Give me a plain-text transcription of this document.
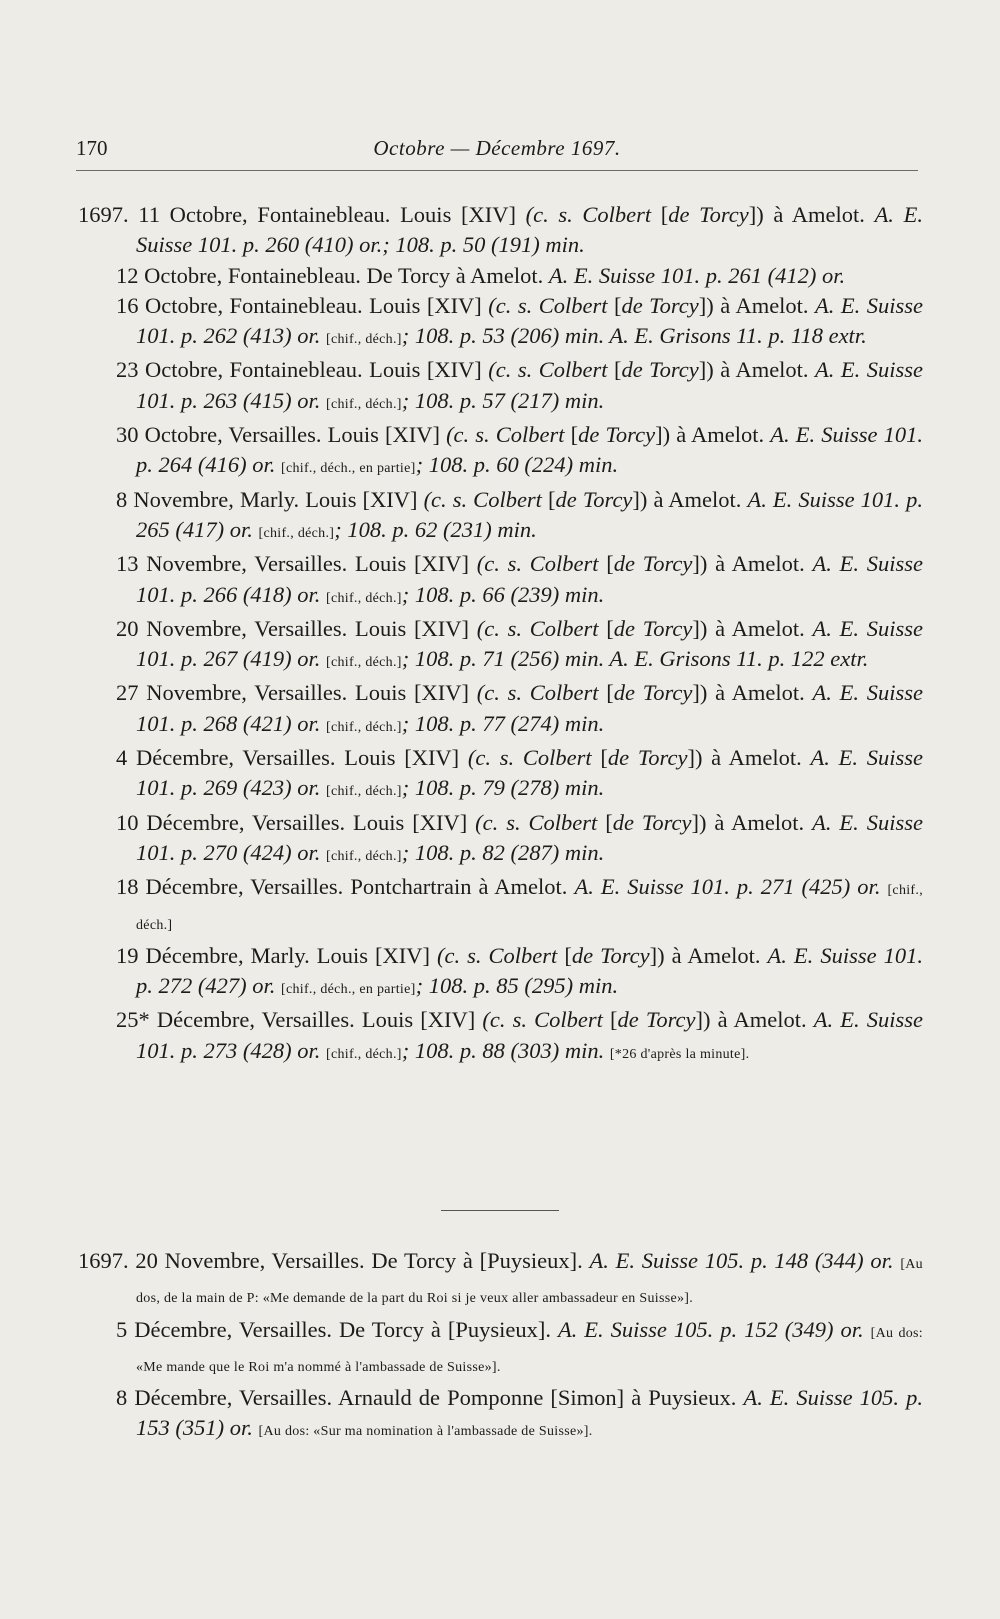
170	Octobre — Décembre 1697.
1697. 11 Octobre, Fontainebleau. Louis [XIV] (c. s. Colbert [de Torcy]) à Amelot. A. E. Suisse 101. p. 260 (410) or.; 108. p. 50 (191) min.
12 Octobre, Fontainebleau. De Torcy à Amelot. A. E. Suisse 101. p. 261 (412) or.
16 Octobre, Fontainebleau. Louis [XIV] (c. s. Colbert [de Torcy]) à Amelot. A. E. Suisse 101. p. 262 (413) or. [chif., déch.]; 108. p. 53 (206) min. A. E. Grisons 11. p. 118 extr.
23 Octobre, Fontainebleau. Louis [XIV] (c. s. Colbert [de Torcy]) à Amelot. A. E. Suisse 101. p. 263 (415) or. [chif., déch.]; 108. p. 57 (217) min.
30 Octobre, Versailles. Louis [XIV] (c. s. Colbert [de Torcy]) à Amelot. A. E. Suisse 101. p. 264 (416) or. [chif., déch., en partie]; 108. p. 60 (224) min.
8 Novembre, Marly. Louis [XIV] (c. s. Colbert [de Torcy]) à Amelot. A. E. Suisse 101. p. 265 (417) or. [chif., déch.]; 108. p. 62 (231) min.
13 Novembre, Versailles. Louis [XIV] (c. s. Colbert [de Torcy]) à Amelot. A. E. Suisse 101. p. 266 (418) or. [chif., déch.]; 108. p. 66 (239) min.
20 Novembre, Versailles. Louis [XIV] (c. s. Colbert [de Torcy]) à Amelot. A. E. Suisse 101. p. 267 (419) or. [chif., déch.]; 108. p. 71 (256) min. A. E. Grisons 11. p. 122 extr.
27 Novembre, Versailles. Louis [XIV] (c. s. Colbert [de Torcy]) à Amelot. A. E. Suisse 101. p. 268 (421) or. [chif., déch.]; 108. p. 77 (274) min.
4 Décembre, Versailles. Louis [XIV] (c. s. Colbert [de Torcy]) à Amelot. A. E. Suisse 101. p. 269 (423) or. [chif., déch.]; 108. p. 79 (278) min.
10 Décembre, Versailles. Louis [XIV] (c. s. Colbert [de Torcy]) à Amelot. A. E. Suisse 101. p. 270 (424) or. [chif., déch.]; 108. p. 82 (287) min.
18 Décembre, Versailles. Pontchartrain à Amelot. A. E. Suisse 101. p. 271 (425) or. [chif., déch.]
19 Décembre, Marly. Louis [XIV] (c. s. Colbert [de Torcy]) à Amelot. A. E. Suisse 101. p. 272 (427) or. [chif., déch., en partie]; 108. p. 85 (295) min.
25* Décembre, Versailles. Louis [XIV] (c. s. Colbert [de Torcy]) à Amelot. A. E. Suisse 101. p. 273 (428) or. [chif., déch.]; 108. p. 88 (303) min. [*26 d'après la minute].
1697. 20 Novembre, Versailles. De Torcy à [Puysieux]. A. E. Suisse 105. p. 148 (344) or. [Au dos, de la main de P: «Me demande de la part du Roi si je veux aller ambassadeur en Suisse»].
5 Décembre, Versailles. De Torcy à [Puysieux]. A. E. Suisse 105. p. 152 (349) or. [Au dos: «Me mande que le Roi m'a nommé à l'ambassade de Suisse»].
8 Décembre, Versailles. Arnauld de Pomponne [Simon] à Puysieux. A. E. Suisse 105. p. 153 (351) or. [Au dos: «Sur ma nomination à l'ambassade de Suisse»].
